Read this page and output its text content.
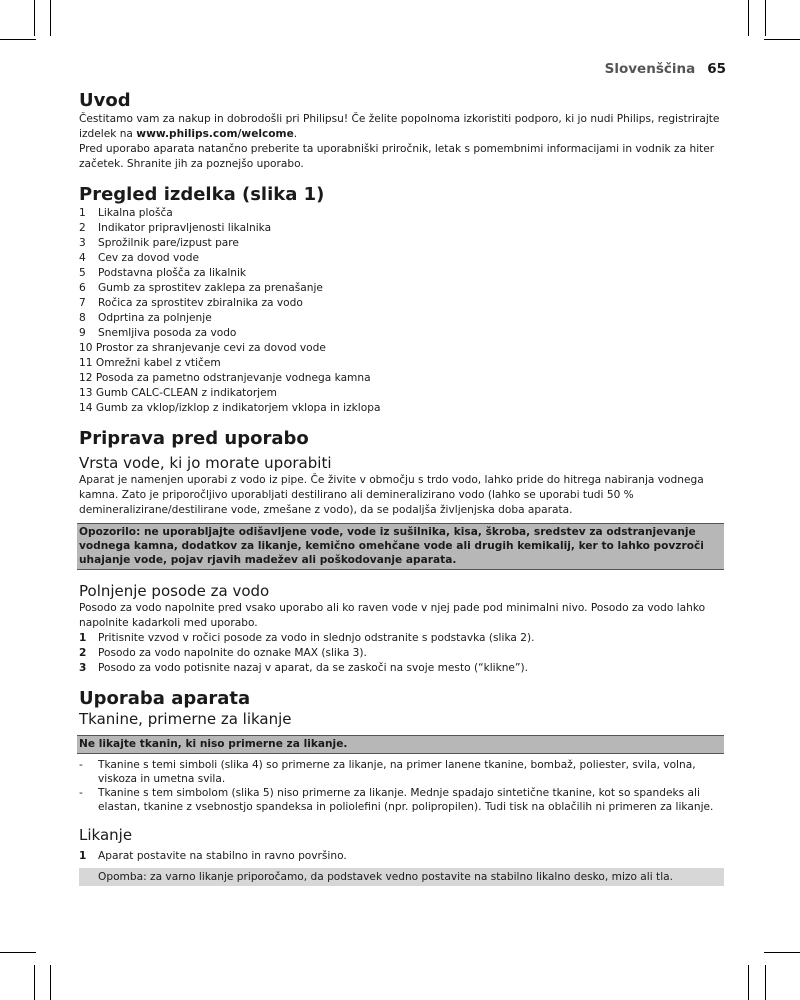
Slovenščina 65
Uvod

Čestitamo vam za nakup in dobrodošli pri Philipsu! Če želite popolnoma izkoristiti podporo, ki jo nudi Philips, registrirajte izdelek na www.philips.com/welcome.

Pred uporabo aparata natančno preberite ta uporabniški priročnik, letak s pomembnimi informacijami in vodnik za hiter začetek. Shranite jih za poznejšo uporabo.

Pregled izdelka (slika 1)
1	Likalna plošča
2	Indikator pripravljenosti likalnika
3	Sprožilnik pare/izpust pare
4	Cev za dovod vode
5	Podstavna plošča za likalnik
6	Gumb za sprostitev zaklepa za prenašanje
7	Ročica za sprostitev zbiralnika za vodo
8	Odprtina za polnjenje
9	Snemljiva posoda za vodo
10
Prostor za shranjevanje cevi za dovod vode
11
Omrežni kabel z vtičem
12
Posoda za pametno odstranjevanje vodnega kamna
13
Gumb CALC-CLEAN z indikatorjem
14
Gumb za vklop/izklop z indikatorjem vklopa in izklopa
Priprava pred uporabo
Vrsta vode, ki jo morate uporabiti

Aparat je namenjen uporabi z vodo iz pipe. Če živite v območju s trdo vodo, lahko pride do hitrega nabiranja vodnega kamna. Zato je priporočljivo uporabljati destilirano ali demineralizirano vodo (lahko se uporabi tudi 50 % demineralizirane/destilirane vode, zmešane z vodo), da se podaljša življenjska doba aparata.

Opozorilo: ne uporabljajte odišavljene vode, vode iz sušilnika, kisa, škroba, sredstev za odstranjevanje vodnega kamna, dodatkov za likanje, kemično omehčane vode ali drugih kemikalij, ker to lahko povzroči uhajanje vode, pojav rjavih madežev ali poškodovanje aparata.
Polnjenje posode za vodo

Posodo za vodo napolnite pred vsako uporabo ali ko raven vode v njej pade pod minimalni nivo. Posodo za vodo lahko napolnite kadarkoli med uporabo.

1	Pritisnite vzvod v ročici posode za vodo in slednjo odstranite s podstavka (slika 2).
2	Posodo za vodo napolnite do oznake MAX (slika 3).
3	Posodo za vodo potisnite nazaj v aparat, da se zaskoči na svoje mesto (“klikne”).
Uporaba aparata
Tkanine, primerne za likanje
Ne likajte tkanin, ki niso primerne za likanje.
-	Tkanine s temi simboli (slika 4) so primerne za likanje, na primer lanene tkanine, bombaž, poliester, svila, volna, viskoza in umetna svila.
-	Tkanine s tem simbolom (slika 5) niso primerne za likanje. Mednje spadajo sintetične tkanine, kot so spandeks ali elastan, tkanine z vsebnostjo spandeksa in poliolefini (npr. polipropilen). Tudi tisk na oblačilih ni primeren za likanje.
Likanje
1	Aparat postavite na stabilno in ravno površino.
Opomba: za varno likanje priporočamo, da podstavek vedno postavite na stabilno likalno desko, mizo ali tla.
